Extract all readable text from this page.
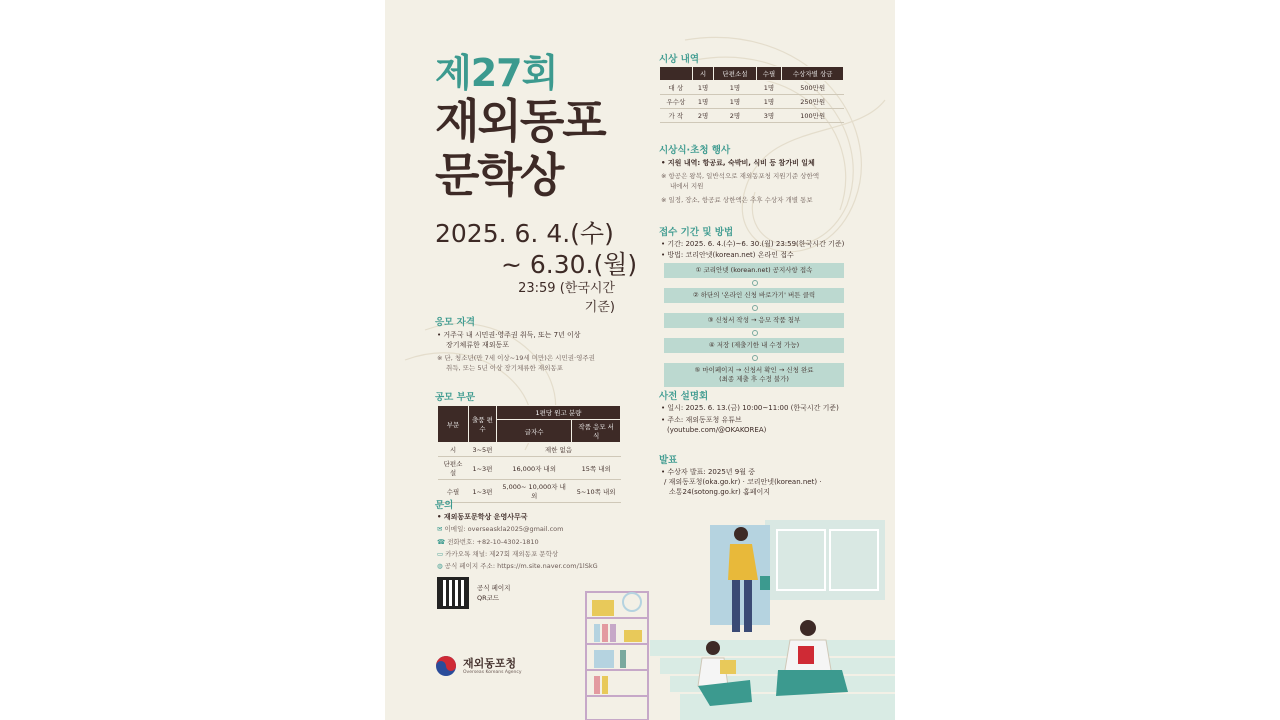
제27회
재외동포
문학상
2025. 6. 4.(수)
~ 6.30.(월)
23:59 (한국시간 기준)
응모 자격
• 거주국 내 시민권·영주권 취득, 또는 7년 이상
장기체류한 재외동포
※ 단, 청소년(만 7세 이상~19세 미만)은 시민권·영주권
취득, 또는 5년 이상 장기체류한 재외동포
공모 부문
부문	출품 편수	1편당 원고 분량	
		글자수	작품 응모 서식
시	3~5편	제한 없음	
단편소설	1~3편	16,000자 내외	15쪽 내외
수필	1~3편	5,000~ 10,000자 내외	5~10쪽 내외
문의
• 재외동포문학상 운영사무국
✉ 이메일: overseaskla2025@gmail.com
☎ 전화번호: +82-10-4302-1810
▭ 카카오톡 채널: 제27회 재외동포 문학상
◍ 공식 페이지 주소: https://m.site.naver.com/1lSkG
공식 페이지
QR코드
재외동포청
Overseas Koreans Agency
시상 내역
	시	단편소설	수필	수상자별 상금
대 상	1명	1명	1명	500만원
우수상	1명	1명	1명	250만원
가 작	2명	2명	3명	100만원
시상식·초청 행사
• 지원 내역: 항공료, 숙박비, 식비 등 참가비 일체
※ 항공은 왕복, 일반석으로 재외동포청 지원기준 상한액
내에서 지원
※ 일정, 장소, 항공료 상한액은 추후 수상자 개별 통보
접수 기간 및 방법
• 기간: 2025. 6. 4.(수)~6. 30.(월) 23:59(한국시간 기준)
• 방법: 코리안넷(korean.net) 온라인 접수
① 코리안넷 (korean.net) 공지사항 접속
② 하단의 '온라인 신청 바로가기' 버튼 클릭
③ 신청서 작성 → 응모 작품 첨부
④ 저장 (제출기한 내 수정 가능)
⑤ 마이페이지 → 신청서 확인 → 신청 완료
(최종 제출 후 수정 불가)
사전 설명회
• 일시: 2025. 6. 13.(금) 10:00~11:00 (한국시간 기준)
• 주소: 재외동포청 유튜브
(youtube.com/@OKAKOREA)
발표
• 수상자 발표: 2025년 9월 중
/ 재외동포청(oka.go.kr) · 코리안넷(korean.net) ·
소통24(sotong.go.kr) 홈페이지
